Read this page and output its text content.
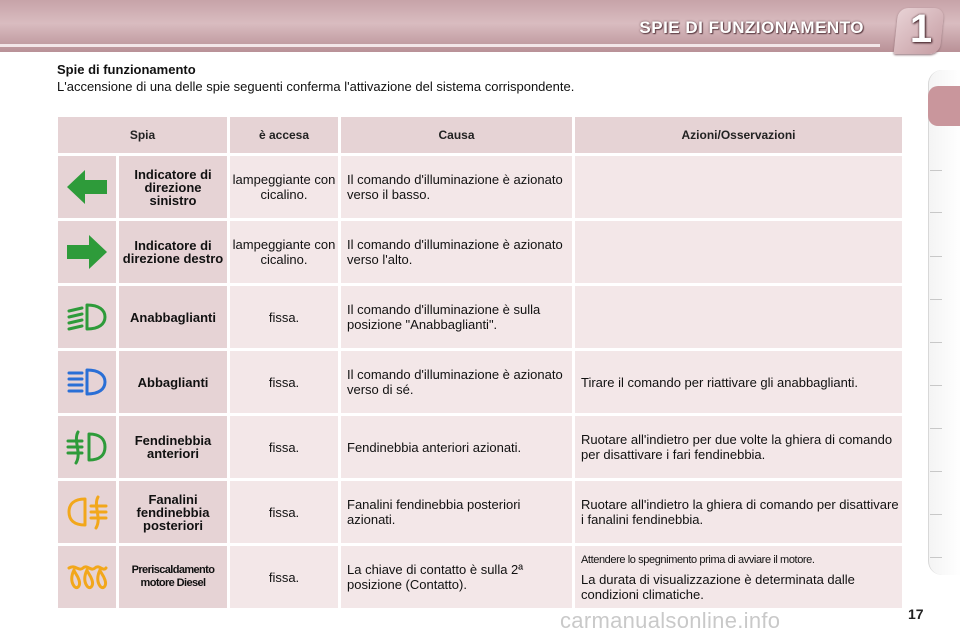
SPIE DI FUNZIONAMENTO 1
Spie di funzionamento
L'accensione di una delle spie seguenti conferma l'attivazione del sistema corrispondente.
Spia		è accesa	Causa	Azioni/Osservazioni

	Indicatore di direzione sinistro	lampeggiante con cicalino.	Il comando d'illuminazione è azionato verso il basso.	

	Indicatore di direzione destro	lampeggiante con cicalino.	Il comando d'illuminazione è azionato verso l'alto.	

	Anabbaglianti	fissa.	Il comando d'illuminazione è sulla posizione "Anabbaglianti".	

	Abbaglianti	fissa.	Il comando d'illuminazione è azionato verso di sé.	Tirare il comando per riattivare gli anabbaglianti.

	Fendinebbia anteriori	fissa.	Fendinebbia anteriori azionati.	Ruotare all'indietro per due volte la ghiera di comando per disattivare i fari fendinebbia.

	Fanalini fendinebbia posteriori	fissa.	Fanalini fendinebbia posteriori azionati.	Ruotare all'indietro la ghiera di comando per disattivare i fanalini fendinebbia.

	Preriscaldamento motore Diesel	fissa.	La chiave di contatto è sulla 2ª posizione (Contatto).	Attendere lo spegnimento prima di avviare il motore.
La durata di visualizzazione è determinata dalle condizioni climatiche.
carmanualsonline.info	17
